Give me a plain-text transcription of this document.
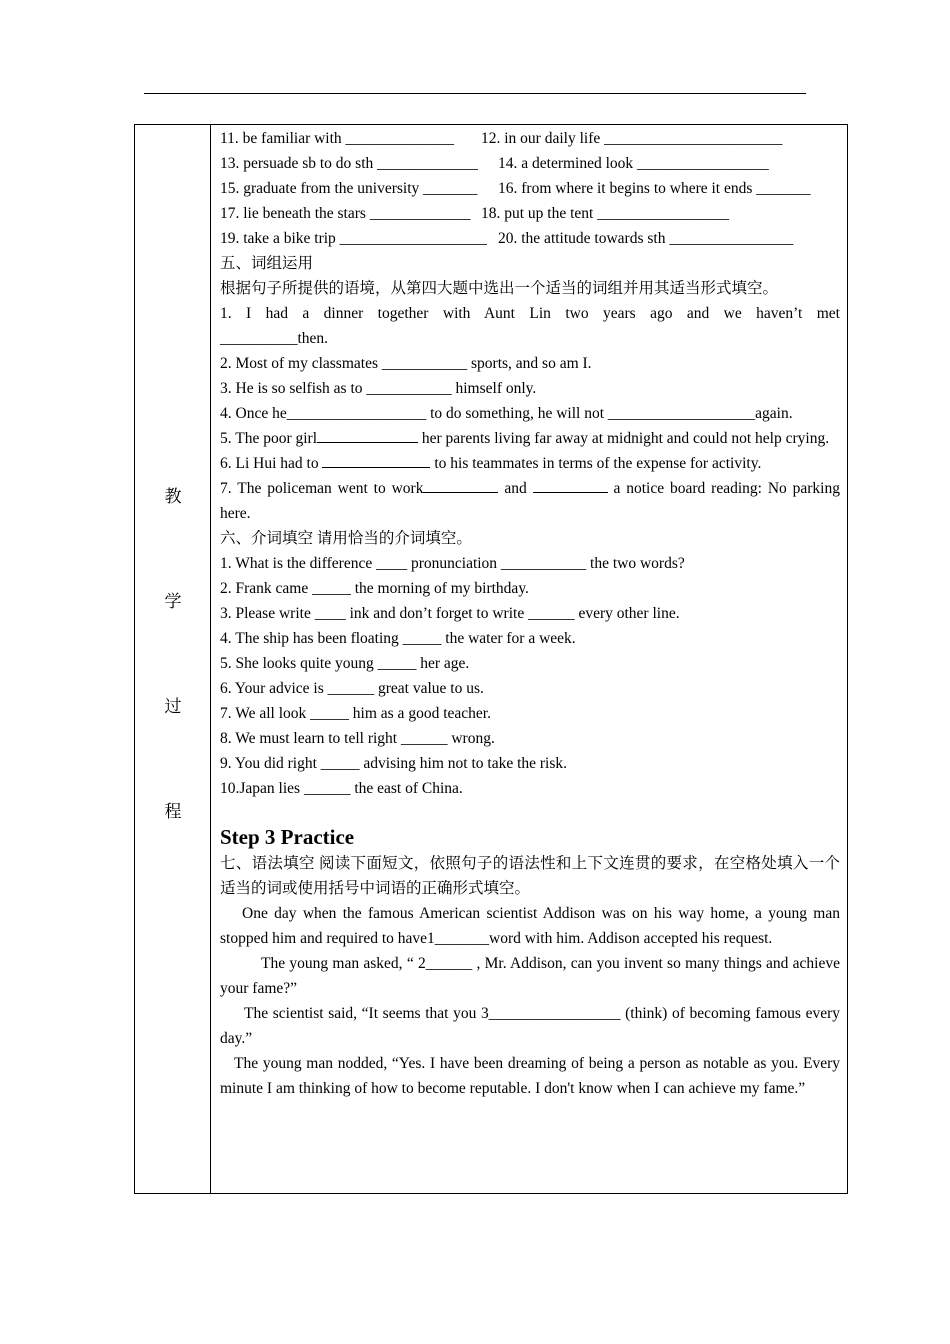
教
学
过
程
11. be familiar with ______________	12. in our daily life _______________________
13. persuade sb to do sth _____________	14. a determined look _________________
15. graduate from the university _______	16. from where it begins to where it ends _______
17. lie beneath the stars _____________ 18. put up the tent _________________
19. take a bike trip ___________________ 20. the attitude towards sth ________________
五、词组运用
根据句子所提供的语境，从第四大题中选出一个适当的词组并用其适当形式填空。
1. I had a dinner together with Aunt Lin two years ago and we haven’t met
__________then.
2. Most of my classmates ___________ sports, and so am I.
3. He is so selfish as to ___________ himself only.
4. Once he__________________ to do something, he will not ___________________again.
5. The poor girl	her parents living far away at midnight and could not help crying.
6. Li Hui had to	to his teammates in terms of the expense for activity.
7. The policeman went to work	and	a notice board reading: No parking here.
六、介词填空 请用恰当的介词填空。
1. What is the difference ____ pronunciation ___________ the two words?
2. Frank came _____ the morning of my birthday.
3. Please write ____ ink and don’t forget to write ______ every other line.
4. The ship has been floating _____ the water for a week.
5. She looks quite young _____ her age.
6. Your advice is ______ great value to us.
7. We all look _____ him as a good teacher.
8. We must learn to tell right ______ wrong.
9. You did right _____ advising him not to take the risk.
10.Japan lies ______ the east of China.
Step 3 Practice
七、语法填空 阅读下面短文，依照句子的语法性和上下文连贯的要求，在空格处填入一个适当的词或使用括号中词语的正确形式填空。
One day when the famous American scientist Addison was on his way home, a young man stopped him and required to have1_______word with him. Addison accepted his request.
The young man asked, “ 2______ , Mr. Addison, can you invent so many things and achieve your fame?”
The scientist said, “It seems that you 3_________________ (think) of becoming famous every day.”
The young man nodded, “Yes. I have been dreaming of being a person as notable as you. Every minute I am thinking of how to become reputable. I don't know when I can achieve my fame.”
